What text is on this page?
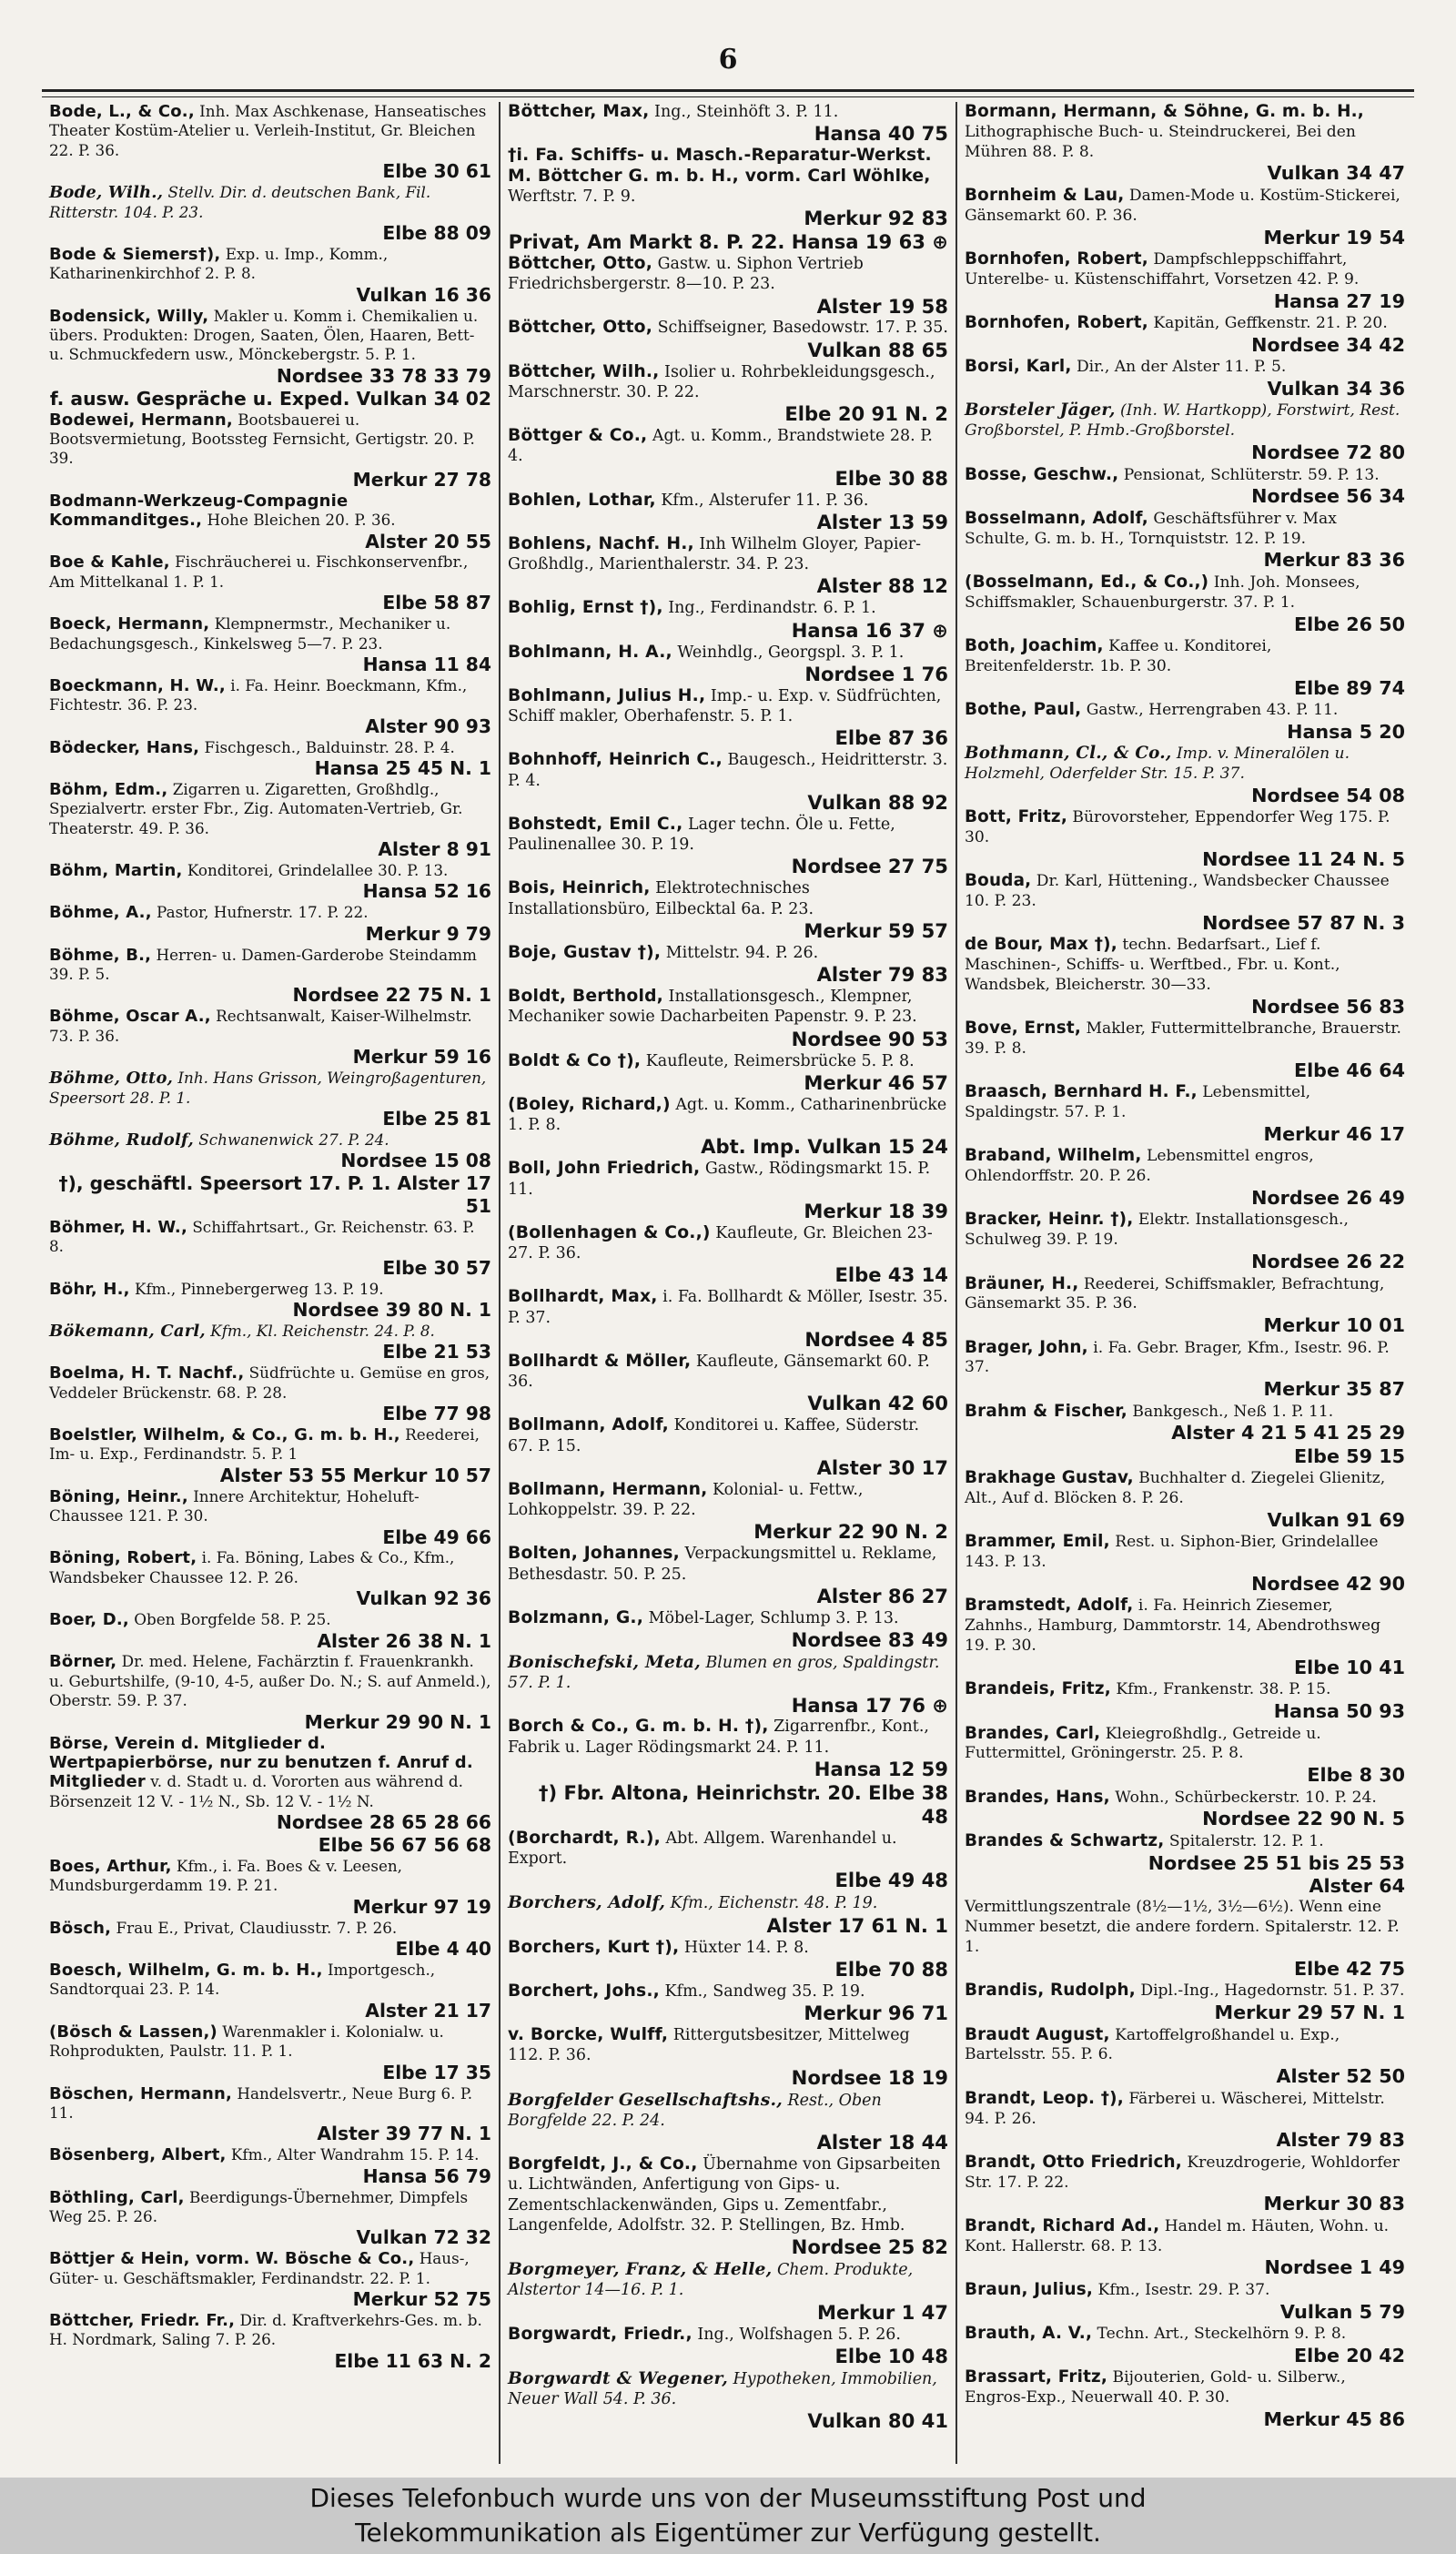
6

Bode, L., & Co., Inh. Max Aschkenase, Hanseatisches Theater Kostüm-Atelier u. Verleih-Institut, Gr. Bleichen 22. P. 36.
Elbe 30 61

Bode, Wilh., Stellv. Dir. d. deutschen Bank, Fil. Ritterstr. 104. P. 23.
Elbe 88 09

Bode & Siemers†), Exp. u. Imp., Komm., Katharinenkirchhof 2. P. 8.
Vulkan 16 36

Bodensick, Willy, Makler u. Komm i. Chemikalien u. übers. Produkten: Drogen, Saaten, Ölen, Haaren, Bett- u. Schmuckfedern usw., Mönckebergstr. 5. P. 1.
Nordsee 33 78 33 79
f. ausw. Gespräche u. Exped. Vulkan 34 02

Bodewei, Hermann, Bootsbauerei u. Bootsvermietung, Bootssteg Fernsicht, Gertigstr. 20. P. 39.
Merkur 27 78

Bodmann-Werkzeug-Compagnie Kommanditges., Hohe Bleichen 20. P. 36.
Alster 20 55

Boe & Kahle, Fischräucherei u. Fischkonservenfbr., Am Mittelkanal 1. P. 1.
Elbe 58 87

Boeck, Hermann, Klempnermstr., Mechaniker u. Bedachungsgesch., Kinkelsweg 5—7. P. 23.
Hansa 11 84

Boeckmann, H. W., i. Fa. Heinr. Boeckmann, Kfm., Fichtestr. 36. P. 23.
Alster 90 93

Bödecker, Hans, Fischgesch., Balduinstr. 28. P. 4.
Hansa 25 45 N. 1

Böhm, Edm., Zigarren u. Zigaretten, Großhdlg., Spezialvertr. erster Fbr., Zig. Automaten-Vertrieb, Gr. Theaterstr. 49. P. 36.
Alster 8 91

Böhm, Martin, Konditorei, Grindelallee 30. P. 13.
Hansa 52 16

Böhme, A., Pastor, Hufnerstr. 17. P. 22.
Merkur 9 79

Böhme, B., Herren- u. Damen-Garderobe Steindamm 39. P. 5.
Nordsee 22 75 N. 1

Böhme, Oscar A., Rechtsanwalt, Kaiser-Wilhelmstr. 73. P. 36.
Merkur 59 16

Böhme, Otto, Inh. Hans Grisson, Weingroßagenturen, Speersort 28. P. 1.
Elbe 25 81

Böhme, Rudolf, Schwanenwick 27. P. 24.
Nordsee 15 08
†), geschäftl. Speersort 17. P. 1. Alster 17 51

Böhmer, H. W., Schiffahrtsart., Gr. Reichenstr. 63. P. 8.
Elbe 30 57

Böhr, H., Kfm., Pinnebergerweg 13. P. 19.
Nordsee 39 80 N. 1

Bökemann, Carl, Kfm., Kl. Reichenstr. 24. P. 8.
Elbe 21 53

Boelma, H. T. Nachf., Südfrüchte u. Gemüse en gros, Veddeler Brückenstr. 68. P. 28.
Elbe 77 98

Boelstler, Wilhelm, & Co., G. m. b. H., Reederei, Im- u. Exp., Ferdinandstr. 5. P. 1
Alster 53 55 Merkur 10 57

Böning, Heinr., Innere Architektur, Hoheluft-Chaussee 121. P. 30.
Elbe 49 66

Böning, Robert, i. Fa. Böning, Labes & Co., Kfm., Wandsbeker Chaussee 12. P. 26.
Vulkan 92 36

Boer, D., Oben Borgfelde 58. P. 25.
Alster 26 38 N. 1

Börner, Dr. med. Helene, Fachärztin f. Frauenkrankh. u. Geburtshilfe, (9-10, 4-5, außer Do. N.; S. auf Anmeld.), Oberstr. 59. P. 37.
Merkur 29 90 N. 1

Börse, Verein d. Mitglieder d. Wertpapierbörse, nur zu benutzen f. Anruf d. Mitglieder v. d. Stadt u. d. Vororten aus während d. Börsenzeit 12 V. - 1½ N., Sb. 12 V. - 1½ N.
Nordsee 28 65 28 66
Elbe 56 67 56 68

Boes, Arthur, Kfm., i. Fa. Boes & v. Leesen, Mundsburgerdamm 19. P. 21.
Merkur 97 19

Bösch, Frau E., Privat, Claudiusstr. 7. P. 26.
Elbe 4 40

Boesch, Wilhelm, G. m. b. H., Importgesch., Sandtorquai 23. P. 14.
Alster 21 17

(Bösch & Lassen,) Warenmakler i. Kolonialw. u. Rohprodukten, Paulstr. 11. P. 1.
Elbe 17 35

Böschen, Hermann, Handelsvertr., Neue Burg 6. P. 11.
Alster 39 77 N. 1

Bösenberg, Albert, Kfm., Alter Wandrahm 15. P. 14.
Hansa 56 79

Böthling, Carl, Beerdigungs-Übernehmer, Dimpfels Weg 25. P. 26.
Vulkan 72 32

Böttjer & Hein, vorm. W. Bösche & Co., Haus-, Güter- u. Geschäftsmakler, Ferdinandstr. 22. P. 1.
Merkur 52 75

Böttcher, Friedr. Fr., Dir. d. Kraftverkehrs-Ges. m. b. H. Nordmark, Saling 7. P. 26.
Elbe 11 63 N. 2

Böttcher, Max, Ing., Steinhöft 3. P. 11.
Hansa 40 75

†i. Fa. Schiffs- u. Masch.-Reparatur-Werkst. M. Böttcher G. m. b. H., vorm. Carl Wöhlke, Werftstr. 7. P. 9.
Merkur 92 83
Privat, Am Markt 8. P. 22. Hansa 19 63 ⊕

Böttcher, Otto, Gastw. u. Siphon Vertrieb Friedrichsbergerstr. 8—10. P. 23.
Alster 19 58

Böttcher, Otto, Schiffseigner, Basedowstr. 17. P. 35.
Vulkan 88 65

Böttcher, Wilh., Isolier u. Rohrbekleidungsgesch., Marschnerstr. 30. P. 22.
Elbe 20 91 N. 2

Böttger & Co., Agt. u. Komm., Brandstwiete 28. P. 4.
Elbe 30 88

Bohlen, Lothar, Kfm., Alsterufer 11. P. 36.
Alster 13 59

Bohlens, Nachf. H., Inh Wilhelm Gloyer, Papier-Großhdlg., Marienthalerstr. 34. P. 23.
Alster 88 12

Bohlig, Ernst †), Ing., Ferdinandstr. 6. P. 1.
Hansa 16 37 ⊕

Bohlmann, H. A., Weinhdlg., Georgspl. 3. P. 1.
Nordsee 1 76

Bohlmann, Julius H., Imp.- u. Exp. v. Südfrüchten, Schiff makler, Oberhafenstr. 5. P. 1.
Elbe 87 36

Bohnhoff, Heinrich C., Baugesch., Heidritterstr. 3. P. 4.
Vulkan 88 92

Bohstedt, Emil C., Lager techn. Öle u. Fette, Paulinenallee 30. P. 19.
Nordsee 27 75

Bois, Heinrich, Elektrotechnisches Installationsbüro, Eilbecktal 6a. P. 23.
Merkur 59 57

Boje, Gustav †), Mittelstr. 94. P. 26.
Alster 79 83

Boldt, Berthold, Installationsgesch., Klempner, Mechaniker sowie Dacharbeiten Papenstr. 9. P. 23.
Nordsee 90 53

Boldt & Co †), Kaufleute, Reimersbrücke 5. P. 8.
Merkur 46 57

(Boley, Richard,) Agt. u. Komm., Catharinenbrücke 1. P. 8.
Abt. Imp. Vulkan 15 24

Boll, John Friedrich, Gastw., Rödingsmarkt 15. P. 11.
Merkur 18 39

(Bollenhagen & Co.,) Kaufleute, Gr. Bleichen 23-27. P. 36.
Elbe 43 14

Bollhardt, Max, i. Fa. Bollhardt & Möller, Isestr. 35. P. 37.
Nordsee 4 85

Bollhardt & Möller, Kaufleute, Gänsemarkt 60. P. 36.
Vulkan 42 60

Bollmann, Adolf, Konditorei u. Kaffee, Süderstr. 67. P. 15.
Alster 30 17

Bollmann, Hermann, Kolonial- u. Fettw., Lohkoppelstr. 39. P. 22.
Merkur 22 90 N. 2

Bolten, Johannes, Verpackungsmittel u. Reklame, Bethesdastr. 50. P. 25.
Alster 86 27

Bolzmann, G., Möbel-Lager, Schlump 3. P. 13.
Nordsee 83 49

Bonischefski, Meta, Blumen en gros, Spaldingstr. 57. P. 1.
Hansa 17 76 ⊕

Borch & Co., G. m. b. H. †), Zigarrenfbr., Kont., Fabrik u. Lager Rödingsmarkt 24. P. 11.
Hansa 12 59
†) Fbr. Altona, Heinrichstr. 20. Elbe 38 48

(Borchardt, R.), Abt. Allgem. Warenhandel u. Export.
Elbe 49 48

Borchers, Adolf, Kfm., Eichenstr. 48. P. 19.
Alster 17 61 N. 1

Borchers, Kurt †), Hüxter 14. P. 8.
Elbe 70 88

Borchert, Johs., Kfm., Sandweg 35. P. 19.
Merkur 96 71

v. Borcke, Wulff, Rittergutsbesitzer, Mittelweg 112. P. 36.
Nordsee 18 19

Borgfelder Gesellschaftshs., Rest., Oben Borgfelde 22. P. 24.
Alster 18 44

Borgfeldt, J., & Co., Übernahme von Gipsarbeiten u. Lichtwänden, Anfertigung von Gips- u. Zementschlackenwänden, Gips u. Zementfabr., Langenfelde, Adolfstr. 32. P. Stellingen, Bz. Hmb.
Nordsee 25 82

Borgmeyer, Franz, & Helle, Chem. Produkte, Alstertor 14—16. P. 1.
Merkur 1 47

Borgwardt, Friedr., Ing., Wolfshagen 5. P. 26.
Elbe 10 48

Borgwardt & Wegener, Hypotheken, Immobilien, Neuer Wall 54. P. 36.
Vulkan 80 41

Bormann, Hermann, & Söhne, G. m. b. H., Lithographische Buch- u. Steindruckerei, Bei den Mühren 88. P. 8.
Vulkan 34 47

Bornheim & Lau, Damen-Mode u. Kostüm-Stickerei, Gänsemarkt 60. P. 36.
Merkur 19 54

Bornhofen, Robert, Dampfschleppschiffahrt, Unterelbe- u. Küstenschiffahrt, Vorsetzen 42. P. 9.
Hansa 27 19

Bornhofen, Robert, Kapitän, Geffkenstr. 21. P. 20.
Nordsee 34 42

Borsi, Karl, Dir., An der Alster 11. P. 5.
Vulkan 34 36

Borsteler Jäger, (Inh. W. Hartkopp), Forstwirt, Rest. Großborstel, P. Hmb.-Großborstel.
Nordsee 72 80

Bosse, Geschw., Pensionat, Schlüterstr. 59. P. 13.
Nordsee 56 34

Bosselmann, Adolf, Geschäftsführer v. Max Schulte, G. m. b. H., Tornquiststr. 12. P. 19.
Merkur 83 36

(Bosselmann, Ed., & Co.,) Inh. Joh. Monsees, Schiffsmakler, Schauenburgerstr. 37. P. 1.
Elbe 26 50

Both, Joachim, Kaffee u. Konditorei, Breitenfelderstr. 1b. P. 30.
Elbe 89 74

Bothe, Paul, Gastw., Herrengraben 43. P. 11.
Hansa 5 20

Bothmann, Cl., & Co., Imp. v. Mineralölen u. Holzmehl, Oderfelder Str. 15. P. 37.
Nordsee 54 08

Bott, Fritz, Bürovorsteher, Eppendorfer Weg 175. P. 30.
Nordsee 11 24 N. 5

Bouda, Dr. Karl, Hüttening., Wandsbecker Chaussee 10. P. 23.
Nordsee 57 87 N. 3

de Bour, Max †), techn. Bedarfsart., Lief f. Maschinen-, Schiffs- u. Werftbed., Fbr. u. Kont., Wandsbek, Bleicherstr. 30—33.
Nordsee 56 83

Bove, Ernst, Makler, Futtermittelbranche, Brauerstr. 39. P. 8.
Elbe 46 64

Braasch, Bernhard H. F., Lebensmittel, Spaldingstr. 57. P. 1.
Merkur 46 17

Braband, Wilhelm, Lebensmittel engros, Ohlendorffstr. 20. P. 26.
Nordsee 26 49

Bracker, Heinr. †), Elektr. Installationsgesch., Schulweg 39. P. 19.
Nordsee 26 22

Bräuner, H., Reederei, Schiffsmakler, Befrachtung, Gänsemarkt 35. P. 36.
Merkur 10 01

Brager, John, i. Fa. Gebr. Brager, Kfm., Isestr. 96. P. 37.
Merkur 35 87

Brahm & Fischer, Bankgesch., Neß 1. P. 11.
Alster 4 21 5 41 25 29
Elbe 59 15

Brakhage Gustav, Buchhalter d. Ziegelei Glienitz, Alt., Auf d. Blöcken 8. P. 26.
Vulkan 91 69

Brammer, Emil, Rest. u. Siphon-Bier, Grindelallee 143. P. 13.
Nordsee 42 90

Bramstedt, Adolf, i. Fa. Heinrich Ziesemer, Zahnhs., Hamburg, Dammtorstr. 14, Abendrothsweg 19. P. 30.
Elbe 10 41

Brandeis, Fritz, Kfm., Frankenstr. 38. P. 15.
Hansa 50 93

Brandes, Carl, Kleiegroßhdlg., Getreide u. Futtermittel, Gröningerstr. 25. P. 8.
Elbe 8 30

Brandes, Hans, Wohn., Schürbeckerstr. 10. P. 24.
Nordsee 22 90 N. 5

Brandes & Schwartz, Spitalerstr. 12. P. 1.
Nordsee 25 51 bis 25 53
Alster 64

Vermittlungszentrale (8½—1½, 3½—6½). Wenn eine Nummer besetzt, die andere fordern. Spitalerstr. 12. P. 1.
Elbe 42 75

Brandis, Rudolph, Dipl.-Ing., Hagedornstr. 51. P. 37.
Merkur 29 57 N. 1

Braudt August, Kartoffelgroßhandel u. Exp., Bartelsstr. 55. P. 6.
Alster 52 50

Brandt, Leop. †), Färberei u. Wäscherei, Mittelstr. 94. P. 26.
Alster 79 83

Brandt, Otto Friedrich, Kreuzdrogerie, Wohldorfer Str. 17. P. 22.
Merkur 30 83

Brandt, Richard Ad., Handel m. Häuten, Wohn. u. Kont. Hallerstr. 68. P. 13.
Nordsee 1 49

Braun, Julius, Kfm., Isestr. 29. P. 37.
Vulkan 5 79

Brauth, A. V., Techn. Art., Steckelhörn 9. P. 8.
Elbe 20 42

Brassart, Fritz, Bijouterien, Gold- u. Silberw., Engros-Exp., Neuerwall 40. P. 30.
Merkur 45 86

Dieses Telefonbuch wurde uns von der Museumsstiftung Post und
Telekommunikation als Eigentümer zur Verfügung gestellt.
